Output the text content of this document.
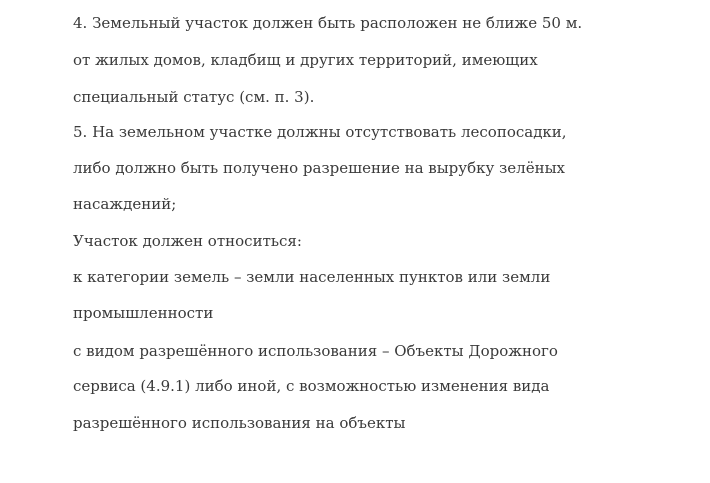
4. Земельный участок должен быть расположен не ближе 50 м.
от жилых домов, кладбищ и других территорий, имеющих
специальный статус (см. п. 3).
5. На земельном участке должны отсутствовать лесопосадки,
либо должно быть получено разрешение на вырубку зелёных
насаждений;
Участок должен относиться:
к категории земель – земли населенных пунктов или земли
промышленности
с видом разрешённого использования – Объекты Дорожного
сервиса (4.9.1) либо иной, с возможностью изменения вида
разрешённого использования на объекты
